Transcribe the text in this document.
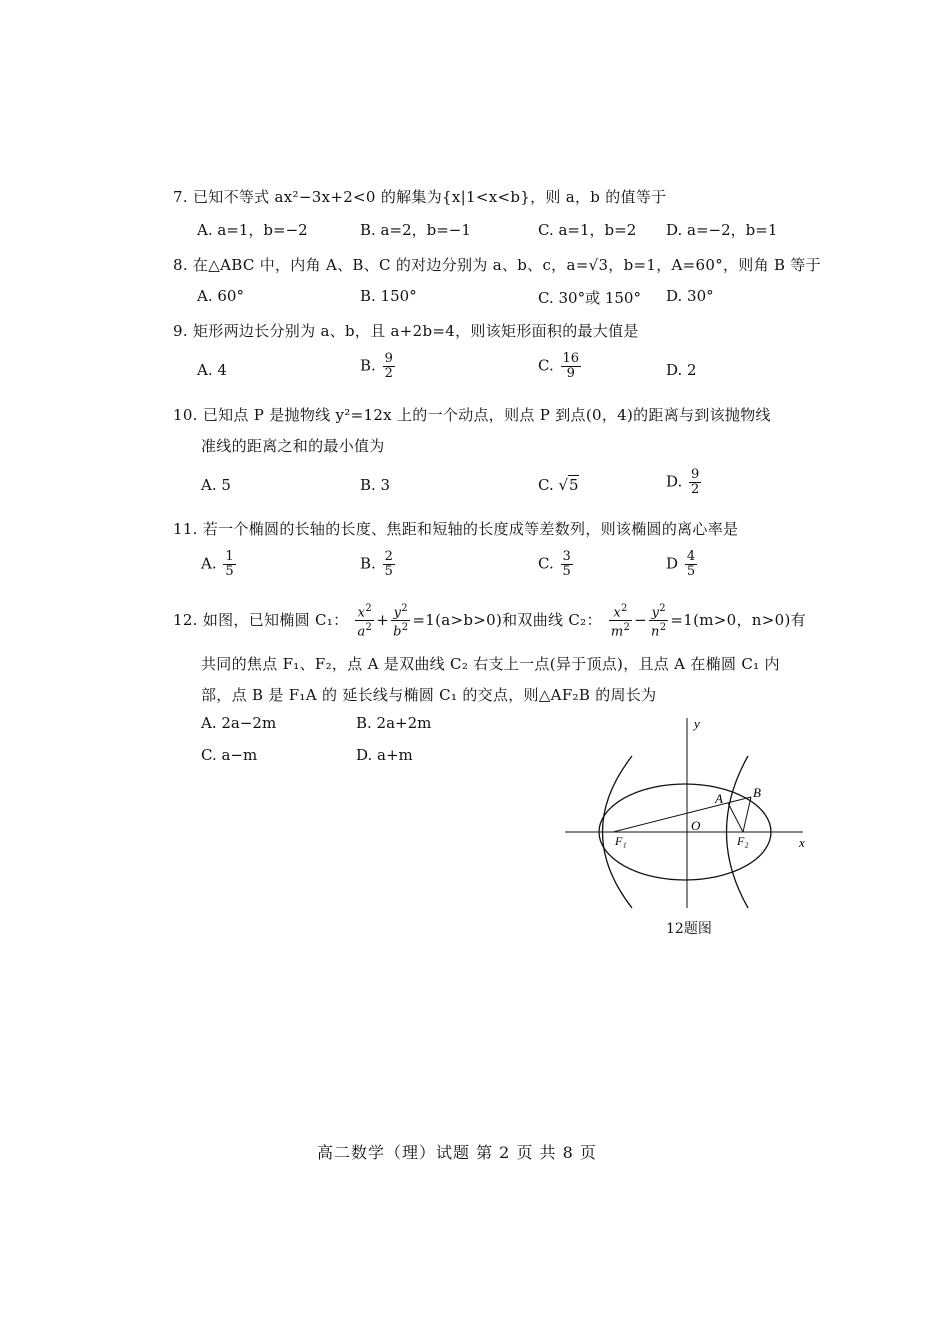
7. 已知不等式 ax²−3x+2<0 的解集为{x|1<x<b}，则 a，b 的值等于
A. a=1，b=−2	B. a=2，b=−1	C. a=1，b=2 D. a=−2，b=1
8. 在△ABC 中，内角 A、B、C 的对边分别为 a、b、c，a=√3，b=1，A=60°，则角 B 等于
A. 60°	B. 150°	C. 30°或 150° D. 30°
9. 矩形两边长分别为 a、b，且 a+2b=4，则该矩形面积的最大值是
A. 4	B. $\frac{9}{2}$	C. $\frac{16}{9}$	D. 2
10. 已知点 P 是抛物线 y²=12x 上的一个动点，则点 P 到点(0，4)的距离与到该抛物线
准线的距离之和的最小值为
A. 5	B. 3	C. √5	D. $\frac{9}{2}$
11. 若一个椭圆的长轴的长度、焦距和短轴的长度成等差数列，则该椭圆的离心率是
A. $\frac{1}{5}$	B. $\frac{2}{5}$	C. $\frac{3}{5}$	D $\frac{4}{5}$
12. 如图，已知椭圆 C₁： $\frac{x^2}{a^2} + \frac{y^2}{b^2} =1(a>b>0)$和双曲线 C₂： $\frac{x^2}{m^2} - \frac{y^2}{n^2} =1(m>0$，n>0)有
共同的焦点 F₁、F₂，点 A 是双曲线 C₂ 右支上一点(异于顶点)，且点 A 在椭圆 C₁ 内
部，点 B 是 F₁A 的 延长线与椭圆 C₁ 的交点，则△AF₂B 的周长为
A. 2a−2m	B. 2a+2m
C. a−m	D. a+m
y
x
O
F₁	F₂
A B
12题图
高二数学（理）试题 第 2 页 共 8 页
